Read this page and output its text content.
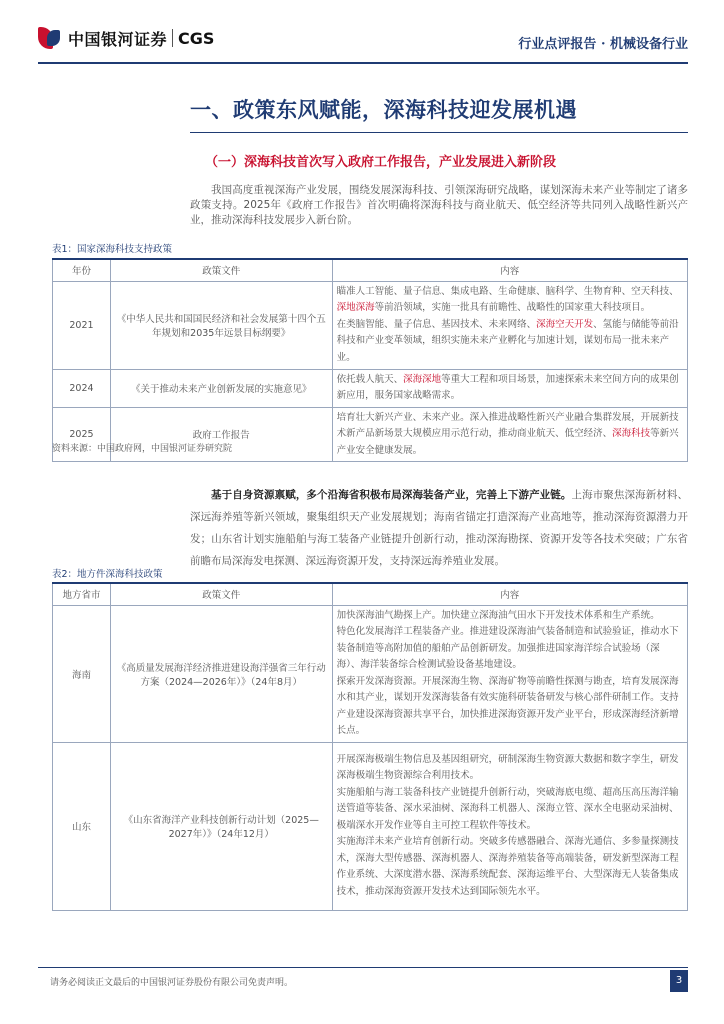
中国银河证券 CGS	行业点评报告 · 机械设备行业
一、政策东风赋能，深海科技迎发展机遇
（一）深海科技首次写入政府工作报告，产业发展进入新阶段

我国高度重视深海产业发展，围绕发展深海科技、引领深海研究战略，谋划深海未来产业等制定了诸多政策支持。2025年《政府工作报告》首次明确将深海科技与商业航天、低空经济等共同列入战略性新兴产业，推动深海科技发展步入新台阶。

表1：国家深海科技支持政策
年份	政策文件	内容
2021	《中华人民共和国国民经济和社会发展第十四个五年规划和2035年远景目标纲要》	瞄准人工智能、量子信息、集成电路、生命健康、脑科学、生物育种、空天科技、深地深海等前沿领域，实施一批具有前瞻性、战略性的国家重大科技项目。
在类脑智能、量子信息、基因技术、未来网络、深海空天开发、氢能与储能等前沿科技和产业变革领域，组织实施未来产业孵化与加速计划，谋划布局一批未来产业。
2024	《关于推动未来产业创新发展的实施意见》	依托载人航天、深海深地等重大工程和项目场景，加速探索未来空间方向的成果创新应用，服务国家战略需求。
2025	政府工作报告	培育壮大新兴产业、未来产业。深入推进战略性新兴产业融合集群发展，开展新技术新产品新场景大规模应用示范行动，推动商业航天、低空经济、深海科技等新兴产业安全健康发展。
资料来源：中国政府网，中国银河证券研究院

基于自身资源禀赋，多个沿海省积极布局深海装备产业，完善上下游产业链。上海市聚焦深海新材料、深远海养殖等新兴领域，聚集组织天产业发展规划；海南省锚定打造深海产业高地等，推动深海资源潜力开发；山东省计划实施船舶与海工装备产业链提升创新行动，推动深海勘探、资源开发等各技术突破；广东省前瞻布局深海发电探测、深远海资源开发，支持深远海养殖业发展。

表2：地方件深海科技政策
地方省市	政策文件	内容
海南	《高质量发展海洋经济推进建设海洋强省三年行动方案（2024—2026年）》（24年8月）	加快深海油气勘探上产。加快建立深海油气田水下开发技术体系和生产系统。
特色化发展海洋工程装备产业。推进建设深海油气装备制造和试验验证，推动水下装备制造等高附加值的船舶产品创新研发。加强推进国家海洋综合试验场（深海）、海洋装备综合检测试验设备基地建设。
探索开发深海资源。开展深海生物、深海矿物等前瞻性探测与勘查，培育发展深海水和其产业，谋划开发深海装备有效实施科研装备研发与核心部件研制工作。支持产业建设深海资源共享平台，加快推进深海资源开发产业平台，形成深海经济新增长点。

山东	《山东省海洋产业科技创新行动计划（2025—2027年）》（24年12月）	开展深海极端生物信息及基因组研究，研制深海生物资源大数据和数字孪生，研发深海极端生物资源综合利用技术。
实施船舶与海工装备科技产业链提升创新行动，突破海底电缆、超高压高压海洋输送管道等装备、深水采油树、深海科工机器人、深海立管、深水全电驱动采油树、极端深水开发作业等自主可控工程软件等技术。
实施海洋未来产业培育创新行动。突破多传感器融合、深海光通信、多参量探测技术，深海大型传感器、深海机器人、深海养殖装备等高端装备，研发新型深海工程作业系统、大深度潜水器、深海系统配套、深海运维平台、大型深海无人装备集成技术，推动深海资源开发技术达到国际领先水平。
请务必阅读正文最后的中国银河证券股份有限公司免责声明。	3
